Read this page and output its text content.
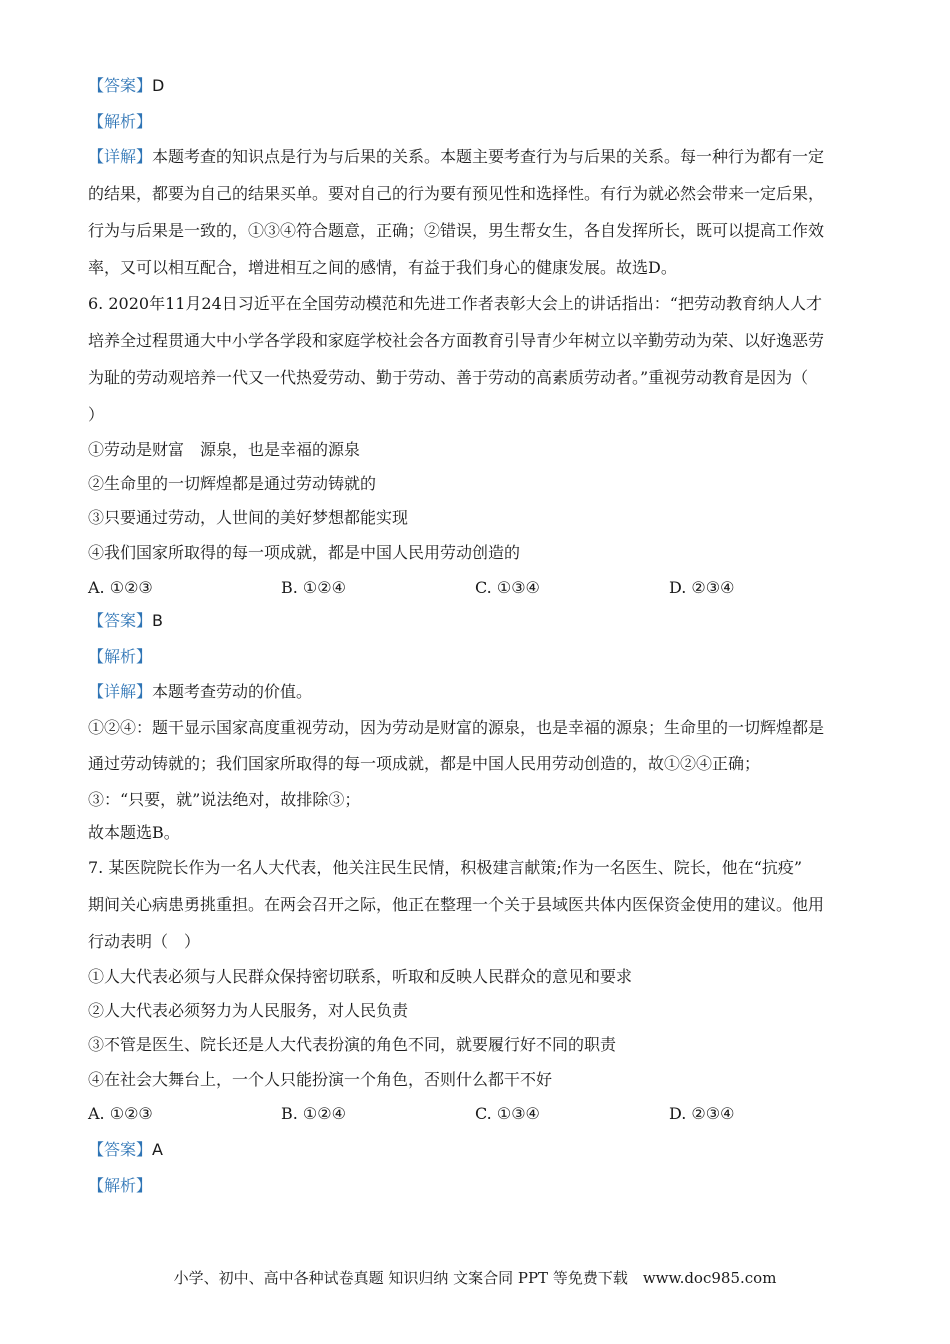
【答案】D
【解析】
【详解】本题考查的知识点是行为与后果的关系。本题主要考查行为与后果的关系。每一种行为都有一定
的结果，都要为自己的结果买单。要对自己的行为要有预见性和选择性。有行为就必然会带来一定后果，
行为与后果是一致的，①③④符合题意，正确；②错误，男生帮女生，各自发挥所长，既可以提高工作效
率，又可以相互配合，增进相互之间的感情，有益于我们身心的健康发展。故选D。
6. 2020年11月24日习近平在全国劳动模范和先进工作者表彰大会上的讲话指出：“把劳动教育纳人人才
培养全过程贯通大中小学各学段和家庭学校社会各方面教育引导青少年树立以辛勤劳动为荣、以好逸恶劳
为耻的劳动观培养一代又一代热爱劳动、勤于劳动、善于劳动的高素质劳动者。”重视劳动教育是因为（
）
①劳动是财富　源泉，也是幸福的源泉
②生命里的一切辉煌都是通过劳动铸就的
③只要通过劳动，人世间的美好梦想都能实现
④我们国家所取得的每一项成就，都是中国人民用劳动创造的
A. ①②③	B. ①②④	C. ①③④	D. ②③④
【答案】B
【解析】
【详解】本题考查劳动的价值。
①②④：题干显示国家高度重视劳动，因为劳动是财富的源泉，也是幸福的源泉；生命里的一切辉煌都是
通过劳动铸就的；我们国家所取得的每一项成就，都是中国人民用劳动创造的，故①②④正确；
③：“只要，就”说法绝对，故排除③；
故本题选B。
7. 某医院院长作为一名人大代表，他关注民生民情，积极建言献策;作为一名医生、院长，他在“抗疫”
期间关心病患勇挑重担。在两会召开之际，他正在整理一个关于县域医共体内医保资金使用的建议。他用
行动表明（　）
①人大代表必须与人民群众保持密切联系，听取和反映人民群众的意见和要求
②人大代表必须努力为人民服务，对人民负责
③不管是医生、院长还是人大代表扮演的角色不同，就要履行好不同的职责
④在社会大舞台上，一个人只能扮演一个角色，否则什么都干不好
A. ①②③	B. ①②④	C. ①③④	D. ②③④
【答案】A
【解析】
小学、初中、高中各种试卷真题 知识归纳 文案合同 PPT 等免费下载　www.doc985.com
